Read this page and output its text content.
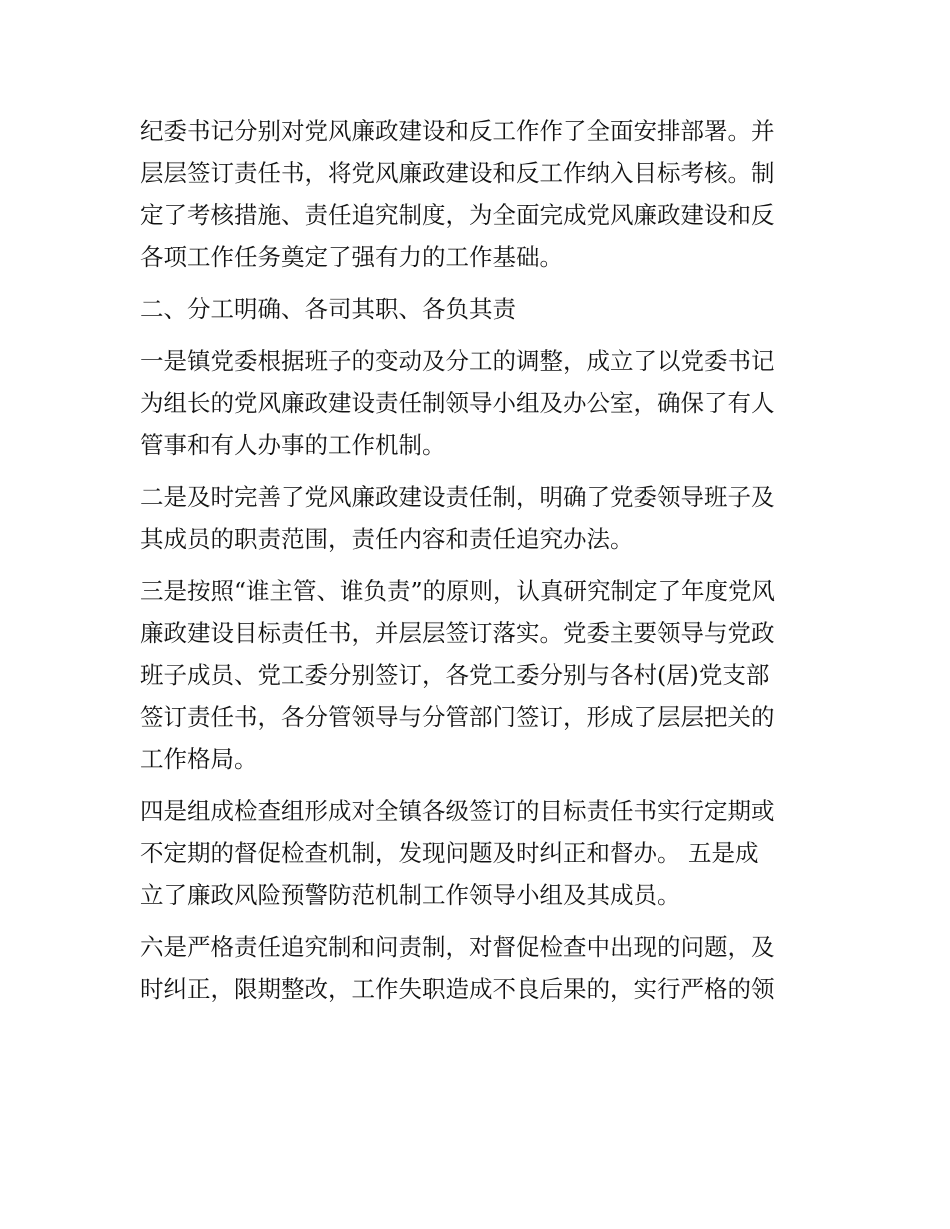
纪委书记分别对党风廉政建设和反工作作了全面安排部署。并
层层签订责任书，将党风廉政建设和反工作纳入目标考核。制
定了考核措施、责任追究制度，为全面完成党风廉政建设和反
各项工作任务奠定了强有力的工作基础。
二、分工明确、各司其职、各负其责
一是镇党委根据班子的变动及分工的调整，成立了以党委书记
为组长的党风廉政建设责任制领导小组及办公室，确保了有人
管事和有人办事的工作机制。
二是及时完善了党风廉政建设责任制，明确了党委领导班子及
其成员的职责范围，责任内容和责任追究办法。
三是按照“谁主管、谁负责”的原则，认真研究制定了年度党风
廉政建设目标责任书，并层层签订落实。党委主要领导与党政
班子成员、党工委分别签订，各党工委分别与各村(居)党支部
签订责任书，各分管领导与分管部门签订，形成了层层把关的
工作格局。
四是组成检查组形成对全镇各级签订的目标责任书实行定期或
不定期的督促检查机制，发现问题及时纠正和督办。 五是成
立了廉政风险预警防范机制工作领导小组及其成员。
六是严格责任追究制和问责制，对督促检查中出现的问题，及
时纠正，限期整改，工作失职造成不良后果的，实行严格的领
